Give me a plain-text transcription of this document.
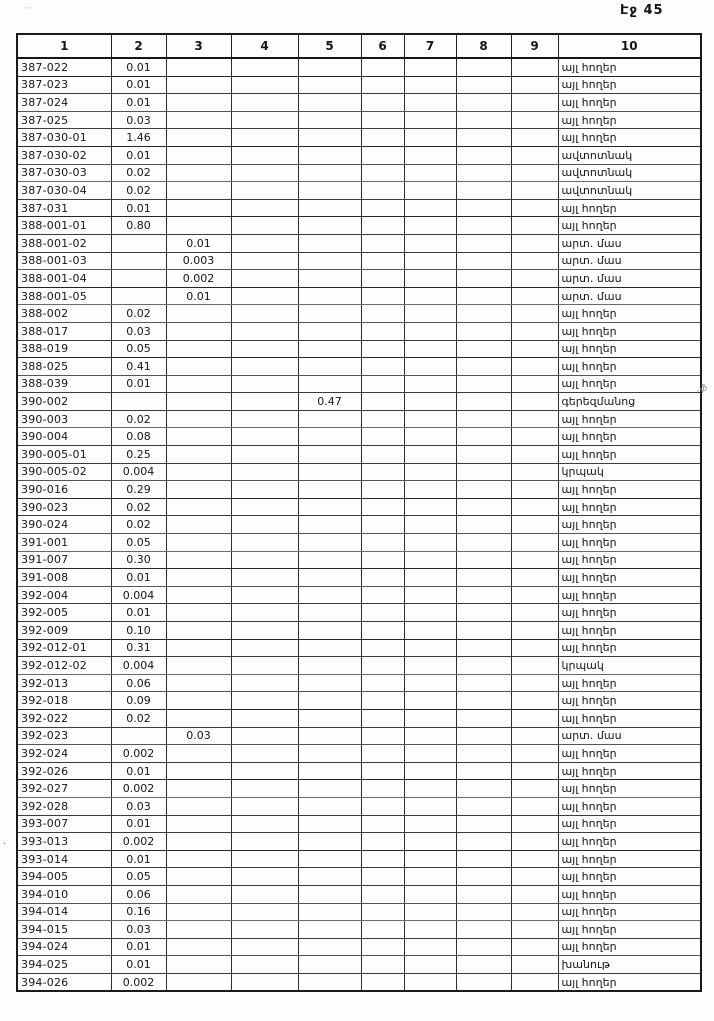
··	Էջ 45
1	2	3	4	5	6	7	8	9	10
387-022	0.01								այլ հողեր
387-023	0.01								այլ հողեր
387-024	0.01								այլ հողեր
387-025	0.03								այլ հողեր
387-030-01	1.46								այլ հողեր
387-030-02	0.01								ավտոտնակ
387-030-03	0.02								ավտոտնակ
387-030-04	0.02								ավտոտնակ
387-031	0.01								այլ հողեր
388-001-01	0.80								այլ հողեր
388-001-02		0.01							արտ. մաս
388-001-03		0.003							արտ. մաս
388-001-04		0.002							արտ. մաս
388-001-05		0.01							արտ. մաս
388-002	0.02								այլ հողեր
388-017	0.03								այլ հողեր
388-019	0.05								այլ հողեր
388-025	0.41								այլ հողեր
388-039	0.01								այլ հողեր
390-002				0.47					գերեզմանոց
390-003	0.02								այլ հողեր
390-004	0.08								այլ հողեր
390-005-01	0.25								այլ հողեր
390-005-02	0.004								կրպակ
390-016	0.29								այլ հողեր
390-023	0.02								այլ հողեր
390-024	0.02								այլ հողեր
391-001	0.05								այլ հողեր
391-007	0.30								այլ հողեր
391-008	0.01								այլ հողեր
392-004	0.004								այլ հողեր
392-005	0.01								այլ հողեր
392-009	0.10								այլ հողեր
392-012-01	0.31								այլ հողեր
392-012-02	0.004								կրպակ
392-013	0.06								այլ հողեր
392-018	0.09								այլ հողեր
392-022	0.02								այլ հողեր
392-023		0.03							արտ. մաս
392-024	0.002								այլ հողեր
392-026	0.01								այլ հողեր
392-027	0.002								այլ հողեր
392-028	0.03								այլ հողեր
393-007	0.01								այլ հողեր
393-013	0.002								այլ հողեր
393-014	0.01								այլ հողեր
394-005	0.05								այլ հողեր
394-010	0.06								այլ հողեր
394-014	0.16								այլ հողեր
394-015	0.03								այլ հողեր
394-024	0.01								այլ հողեր
394-025	0.01								խանութ
394-026	0.002								այլ հողեր
,ֆ
.
